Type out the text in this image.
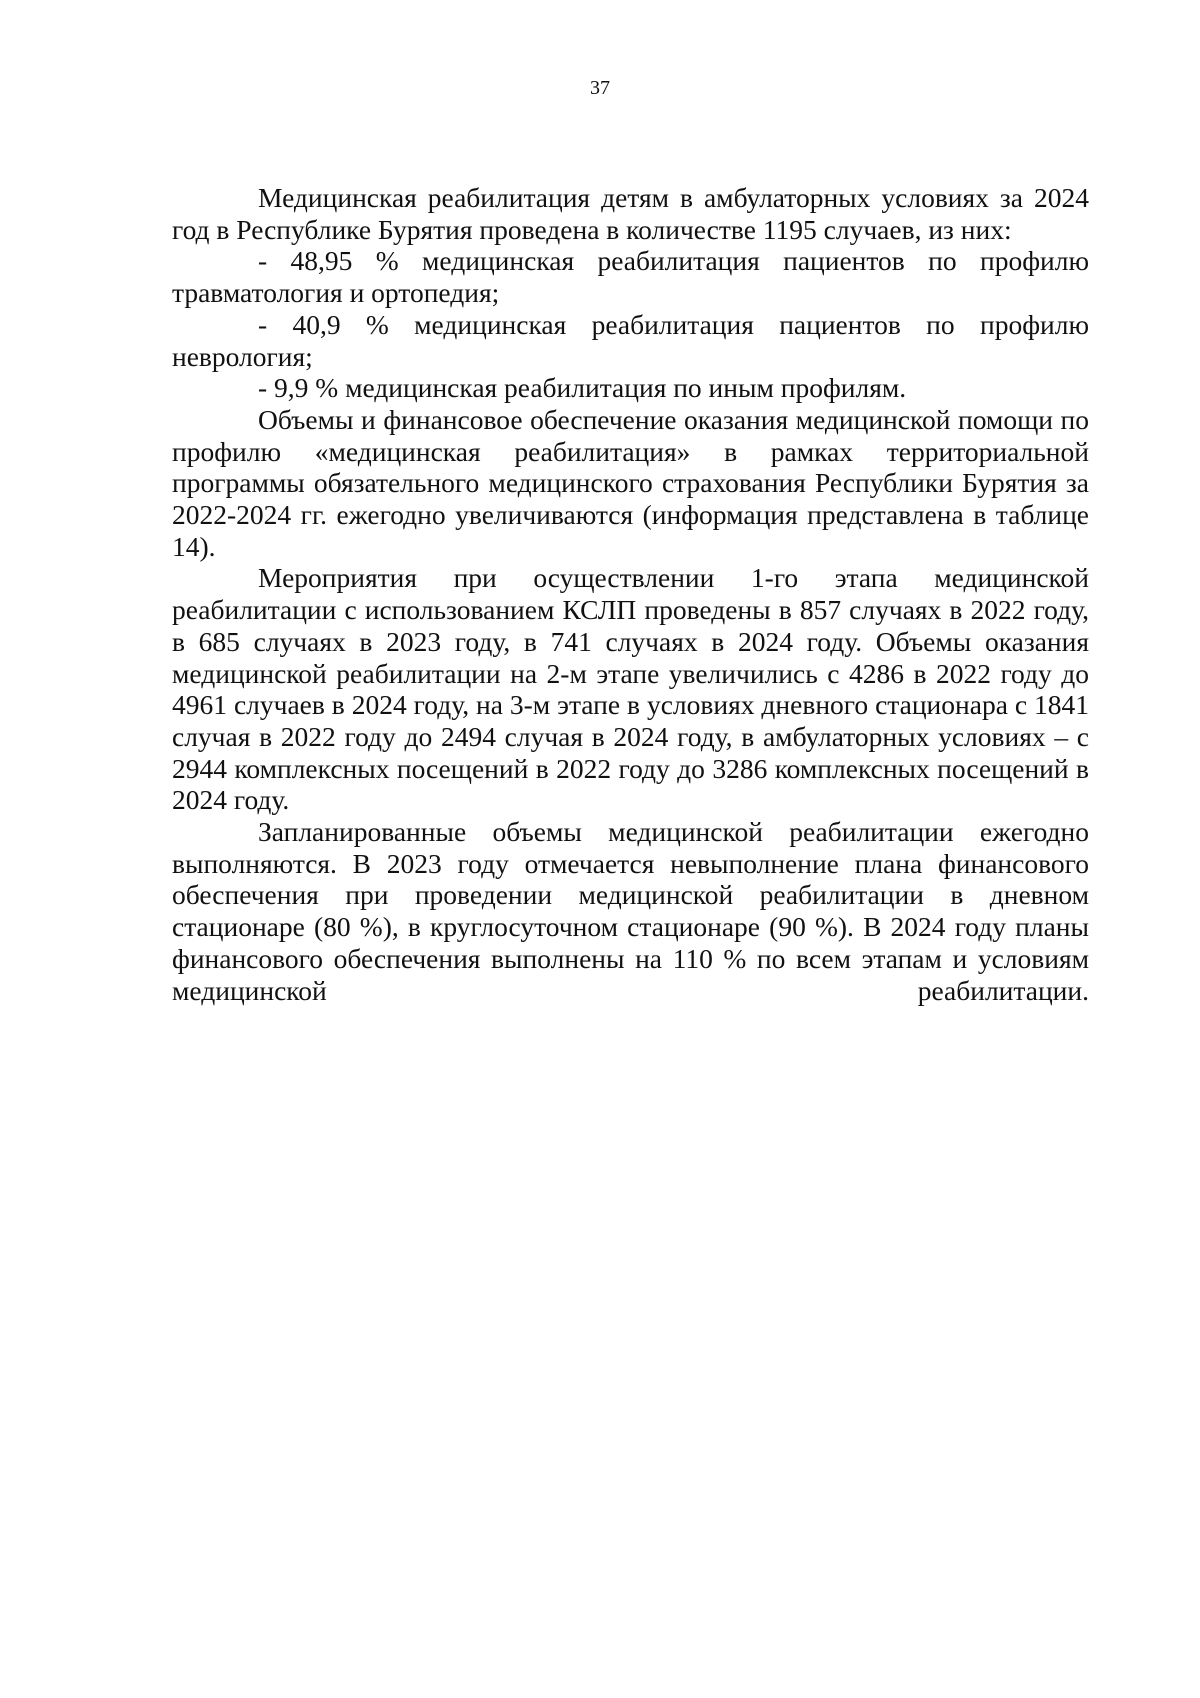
37

Медицинская реабилитация детям в амбулаторных условиях за 2024 год в Республике Бурятия проведена в количестве 1195 случаев, из них:

- 48,95 % медицинская реабилитация пациентов по профилю травматология и ортопедия;

- 40,9 % медицинская реабилитация пациентов по профилю неврология;

- 9,9 % медицинская реабилитация по иным профилям.

Объемы и финансовое обеспечение оказания медицинской помощи по профилю «медицинская реабилитация» в рамках территориальной программы обязательного медицинского страхования Республики Бурятия за 2022-2024 гг. ежегодно увеличиваются (информация представлена в таблице 14).

Мероприятия при осуществлении 1-го этапа медицинской реабилитации с использованием КСЛП проведены в 857 случаях в 2022 году, в 685 случаях в 2023 году, в 741 случаях в 2024 году. Объемы оказания медицинской реабилитации на 2-м этапе увеличились с 4286 в 2022 году до 4961 случаев в 2024 году, на 3-м этапе в условиях дневного стационара с 1841 случая в 2022 году до 2494 случая в 2024 году, в амбулаторных условиях – с 2944 комплексных посещений в 2022 году до 3286 комплексных посещений в 2024 году.

Запланированные объемы медицинской реабилитации ежегодно выполняются. В 2023 году отмечается невыполнение плана финансового обеспечения при проведении медицинской реабилитации в дневном стационаре (80 %), в круглосуточном стационаре (90 %). В 2024 году планы финансового обеспечения выполнены на 110 % по всем этапам и условиям медицинской реабилитации.
